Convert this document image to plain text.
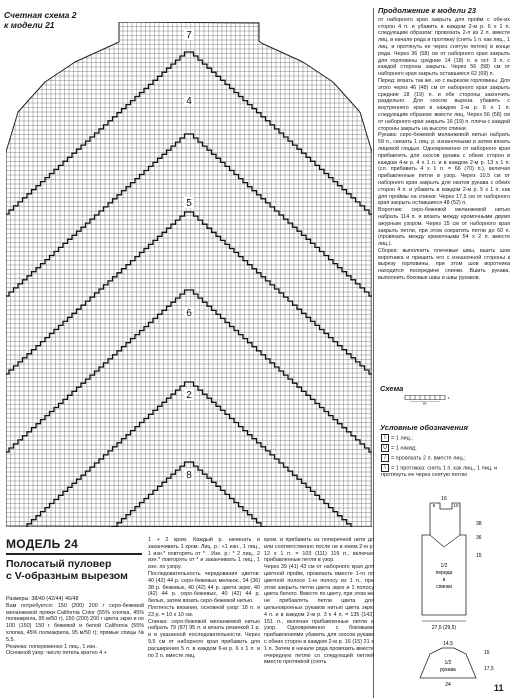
Счетная схема 2
к модели 21
7
4
5
6
2
8
Продолжение к модели 23

от наборного края закрыть для пройм с обе-их сторон 4 п. и убавить в каждом 2-м р. 6 х 1 п. следующим образом: провязать 2-п из 2 п. вместе лиц. в начале ряда и протяжку (снять 1 п. как лиц., 1 лиц. и протянуть ее через снятую петлю) в конце ряда. Через 36 (58) см от наборного края закрыть для горловины средние 14 (18) п. и ост. 3 п. с каждой стороны закрыть. Через 56 (58) см от наборного края закрыть оставшиеся 62 (69) п.

Перед: вязать так же, но с вырезом горловины. Для этого через 46 (48) см от наборного края закрыть средние 18 (19) п. и обе стороны закончить раздельно. Для скосов выреза убавить с внутреннего края в каждом 2-м р. 6 х 1 п. следующим образом: вместе лиц. Через 56 (58) см от наборного края закрыть 16 (19) п. плеча с каждой стороны закрыть на высоте спинки.

Рукава: серо-бежевой меланжевой нитью набрать 58 п., связать 1 лиц. р. изнаночными и затем вязать лицевой гладью. Одновременно от наборного края прибавлять для скосов рукава с обеих сторон в каждом 4-м р. 4 х 1 п. и в каждом 2-м р. 13 х 1 п. (сл. прибавить 4 х 1 п. = 66 (70) п.), включая прибавленные петли в узор. Через 10,5 см от наборного края закрыть для окатов рукава с обеих сторон 4 п. и убавить в каждом 2-м р. 5 х 1 п. как для проймы на спинке. Через 17,5 см от наборного края закрыть оставшиеся 48 (52) п.

Воротник: серо-бежевой меланжевой нитью набрать 114 п. и вязать между кромочными двумя ажурным узором. Через 15 см от наборного края закрыть петли, при этом сократить петли до 60 п. (провязать между кромочными 54 х 2 п. вместе лиц.).

Сборка: выполнить плечевые швы, вшить шов воротника и пришить его с изнаночной стороны к вырезу горловины, при этом шов воротника находится посередине спинки. Вшить рукава, выполнить боковые швы и швы рукавов.

Схема
MS
4
Условные обозначения
I = 1 лиц.;
U = 1 накид;
/ = провязать 2 п. вместе лиц.;
\ = 1 протяжка: снять 1 п. как лиц., 1 лиц. и протянуть ее через снятую петлю
16
6	10
38
36
15
1/2
переда
и
спинки
27,5 (29,5)
14,5
15
17,5
1/2
рукава
24
МОДЕЛЬ 24
Полосатый пуловер
с V-образным вырезом

Размеры: 38/40 (42/44) 46/48

Вам потребуется: 150 (200) 200 г серо-бежевой меланжевой пряжи California Color (55% хлопка, 45% полиакрила, 95 м/50 г), 150 (200) 200 г цвета экрю и по 100 (150) 150 г бежевой и белой California (55% хлопка, 45% полиакрила, 95 м/50 г); прямые спицы № 5,5.

Резинка: попеременно 1 лиц., 1 изн.

Основной узор: число петель кратно 4 +

1 + 2 кром. Каждый р. начинать и заканчивать 1 кром. Лиц. р.: «1 изн., 1 лиц., 1 изн.* повторять от * . Изн. р.: * 2 лиц., 2 изн.* повторять от * и заканчивать 1 лиц., 1 изн. по узору.

Последовательность чередования цветов: 40 (42) 44 р. серо-бежевых меланж., 34 (36) 38 р. бежевых, 40 (42) 44 р. цвета экрю, 40 (42) 44 р. серо-бежевых, 40 (42) 44 р. белых, затем вязать серо-бежевой нитью.

Плотность вязания, основной узор: 18 п. и 23 р. = 10 х 10 см.

Спинка: серо-бежевой меланжевой нитью набрать 79 (87) 95 п. и вязать резинкой 1 р. и в указанной последовательности. Через 9,5 см от наборного края прибавить для расширения 5 п. в каждом 6-м р. 6 х 1 п. и по 2 п. вместе лиц.

кром. и прибавить из поперечной нити до или соответственно после не в ежем 2-м р. 12 х 1 п. = 103 (111) 119 п., включая прибавленные петли в узор.

Через 39 (41) 43 см от наборного края для цветной пройм, провязать вместе 1-го по цветной полосе 1-ю полосу из 1 п., при этом закрыть петли цвета экрю и 1 полосу цвета белого. Вместе по цвету, при этом же не прибавлять петли цвета для цельнокроеных рукавов нитью цвета экрю 4 п. и в каждом 2-м р. 3 х 4 п. = 135 (143) 151 п., включая прибавленные петли в узор. Одновременно с боковыми прибавлениями убавить для скосов рукава с обеих сторон в каждом 2-м р. 16 (15) 21 х 1 п. Затем в начале ряда провязать вместе очередную петлю со следующей петлей вместе протяжкой (снять

11
